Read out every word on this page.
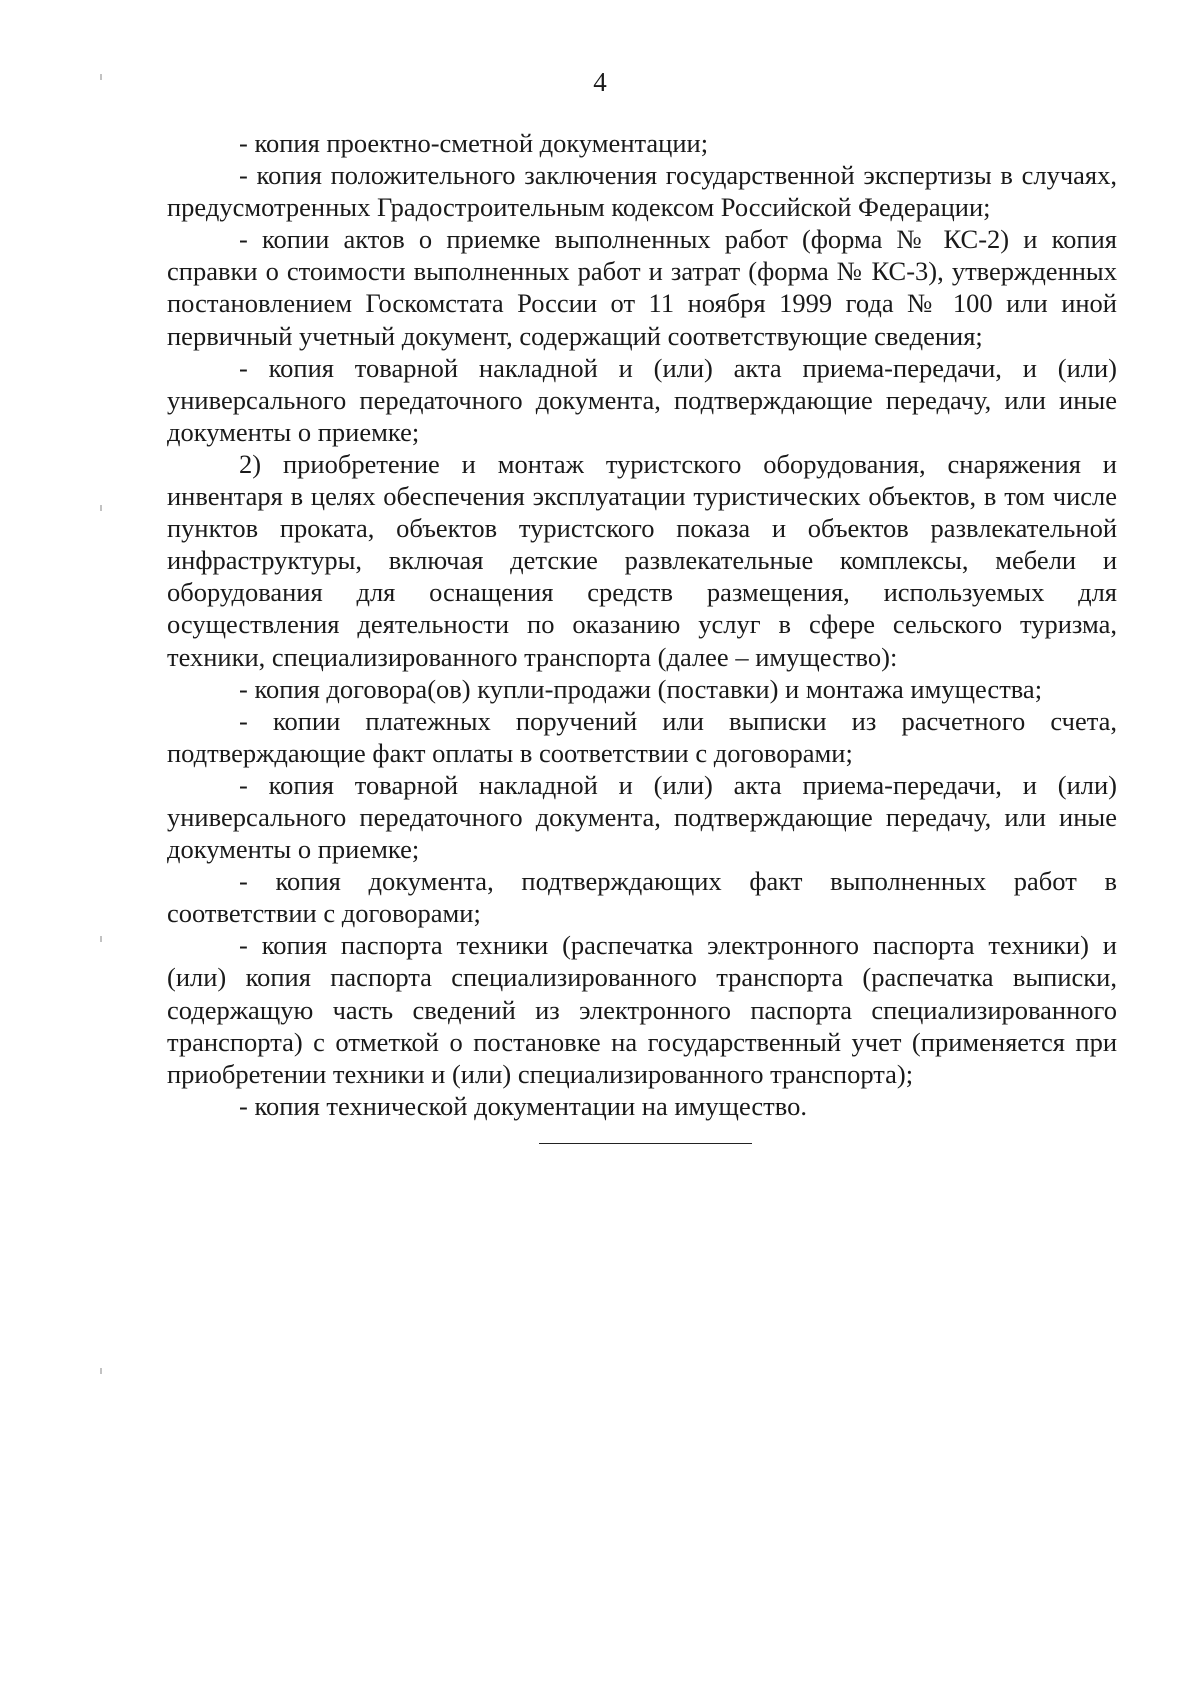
4

- копия проектно-сметной документации;

- копия положительного заключения государственной экспертизы в случаях, предусмотренных Градостроительным кодексом Российской Федерации;

- копии актов о приемке выполненных работ (форма № КС-2) и копия справки о стоимости выполненных работ и затрат (форма № КС-3), утвержденных постановлением Госкомстата России от 11 ноября 1999 года № 100 или иной первичный учетный документ, содержащий соответствующие сведения;

- копия товарной накладной и (или) акта приема-передачи, и (или) универсального передаточного документа, подтверждающие передачу, или иные документы о приемке;

2) приобретение и монтаж туристского оборудования, снаряжения и инвентаря в целях обеспечения эксплуатации туристических объектов, в том числе пунктов проката, объектов туристского показа и объектов развлекательной инфраструктуры, включая детские развлекательные комплексы, мебели и оборудования для оснащения средств размещения, используемых для осуществления деятельности по оказанию услуг в сфере сельского туризма, техники, специализированного транспорта (далее – имущество):

- копия договора(ов) купли-продажи (поставки) и монтажа имущества;

- копии платежных поручений или выписки из расчетного счета, подтверждающие факт оплаты в соответствии с договорами;

- копия товарной накладной и (или) акта приема-передачи, и (или) универсального передаточного документа, подтверждающие передачу, или иные документы о приемке;

- копия документа, подтверждающих факт выполненных работ в соответствии с договорами;

- копия паспорта техники (распечатка электронного паспорта техники) и (или) копия паспорта специализированного транспорта (распечатка выписки, содержащую часть сведений из электронного паспорта специализированного транспорта) с отметкой о постановке на государственный учет (применяется при приобретении техники и (или) специализированного транспорта);

- копия технической документации на имущество.
